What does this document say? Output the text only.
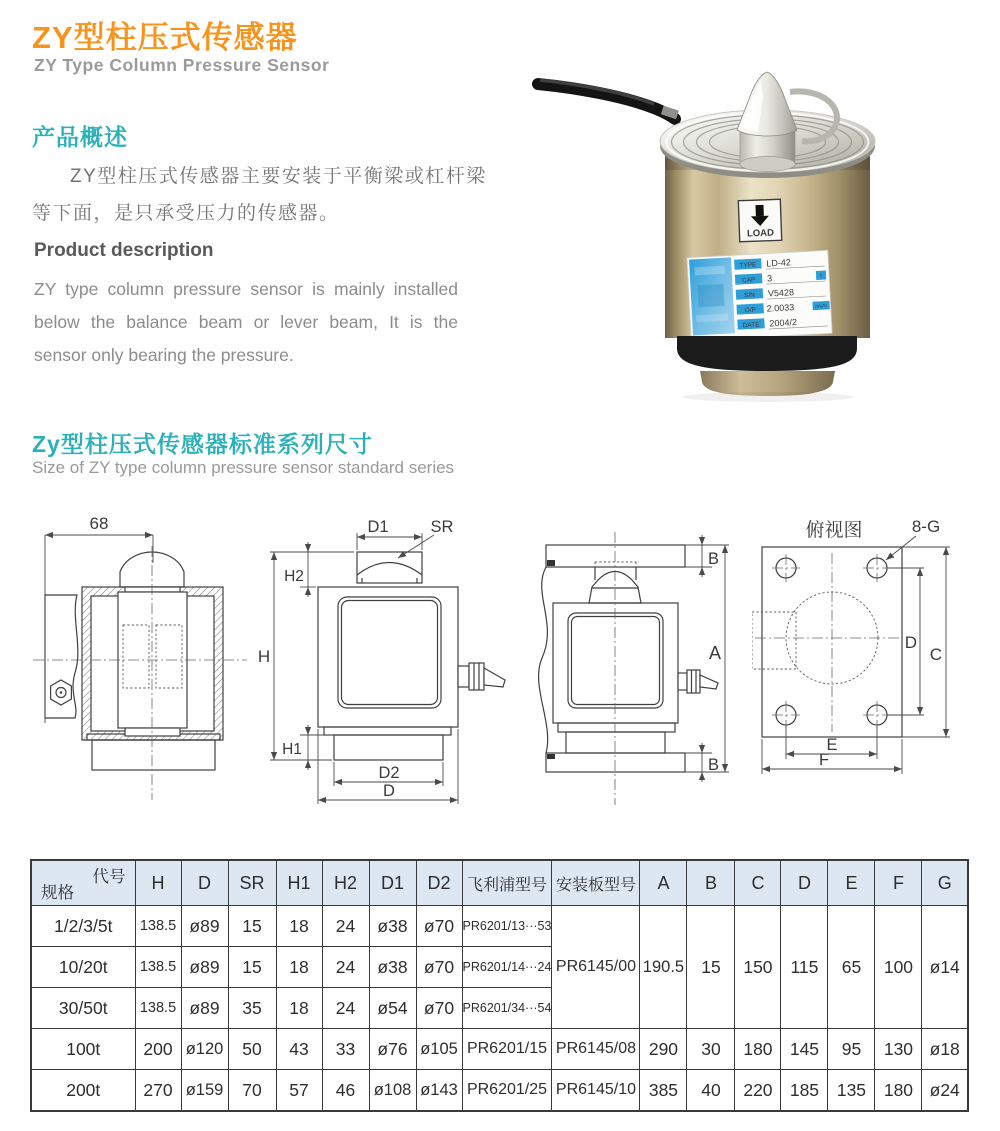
ZY型柱压式传感器
ZY Type Column Pressure Sensor
产品概述
ZY型柱压式传感器主要安装于平衡梁或杠杆梁
等下面，是只承受压力的传感器。
Product description
ZY type column pressure sensor is mainly installed below the balance beam or lever beam, It is the sensor only bearing the pressure.
LOAD
TYPE LD-42
CAP 3	t
S/N V5428
O/P 2.0033	mV/V
DATE 2004/2
Zy型柱压式传感器标准系列尺寸
Size of ZY type column pressure sensor standard series
68	D1	SR
H
H2
H1
D2
D
B
B
A
俯视图	8-G
D
C
E
F
代号
规格	H	D	SR	H1	H2	D1	D2	飞利浦型号	安装板型号	A	B	C	D	E	F	G
1/2/3/5t	138.5	ø89	15	18	24	ø38	ø70	PR6201/13···53	PR6145/00	190.5	15	150	115	65	100	ø14
10/20t	138.5	ø89	15	18	24	ø38	ø70	PR6201/14···24								
30/50t	138.5	ø89	35	18	24	ø54	ø70	PR6201/34···54								
100t	200	ø120	50	43	33	ø76	ø105	PR6201/15	PR6145/08	290	30	180	145	95	130	ø18
200t	270	ø159	70	57	46	ø108	ø143	PR6201/25	PR6145/10	385	40	220	185	135	180	ø24
